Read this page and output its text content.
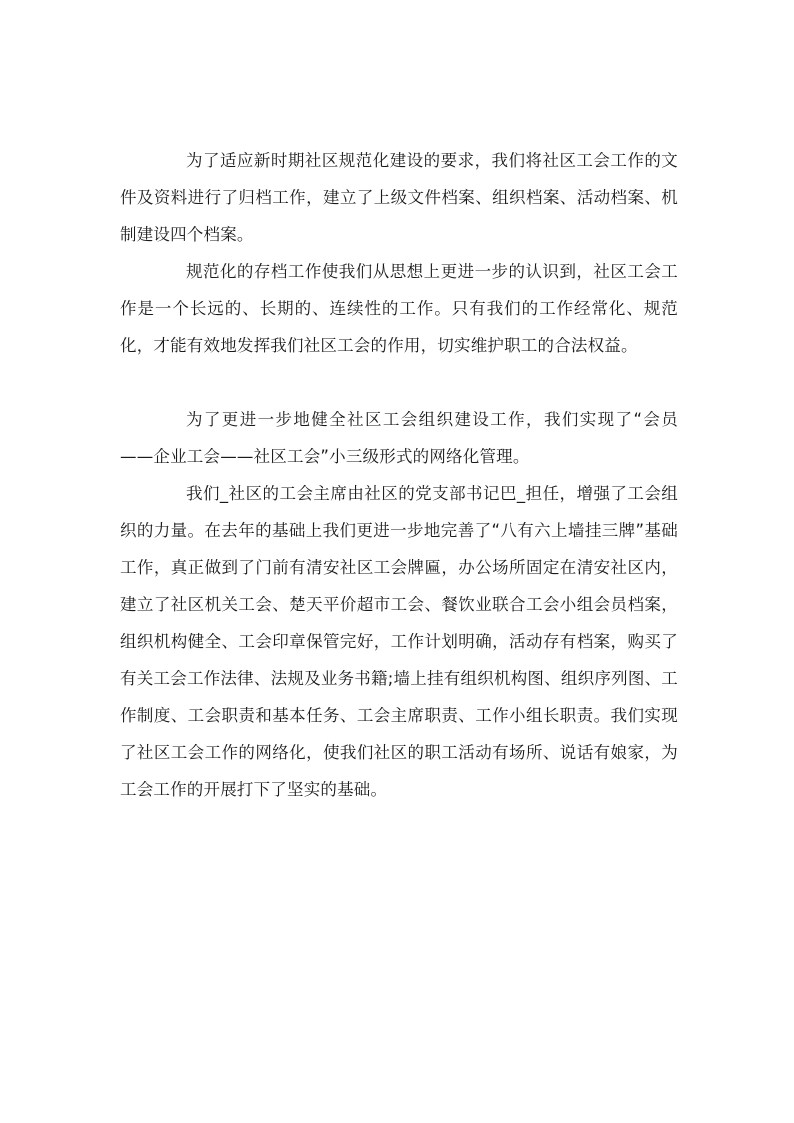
为了适应新时期社区规范化建设的要求，我们将社区工会工作的文件及资料进行了归档工作，建立了上级文件档案、组织档案、活动档案、机制建设四个档案。

规范化的存档工作使我们从思想上更进一步的认识到，社区工会工作是一个长远的、长期的、连续性的工作。只有我们的工作经常化、规范化，才能有效地发挥我们社区工会的作用，切实维护职工的合法权益。

为了更进一步地健全社区工会组织建设工作，我们实现了“会员——企业工会——社区工会”小三级形式的网络化管理。

我们_社区的工会主席由社区的党支部书记巴_担任，增强了工会组织的力量。在去年的基础上我们更进一步地完善了“八有六上墙挂三牌”基础工作，真正做到了门前有清安社区工会牌匾，办公场所固定在清安社区内，建立了社区机关工会、楚天平价超市工会、餐饮业联合工会小组会员档案，组织机构健全、工会印章保管完好，工作计划明确，活动存有档案，购买了有关工会工作法律、法规及业务书籍;墙上挂有组织机构图、组织序列图、工作制度、工会职责和基本任务、工会主席职责、工作小组长职责。我们实现了社区工会工作的网络化，使我们社区的职工活动有场所、说话有娘家，为工会工作的开展打下了坚实的基础。
